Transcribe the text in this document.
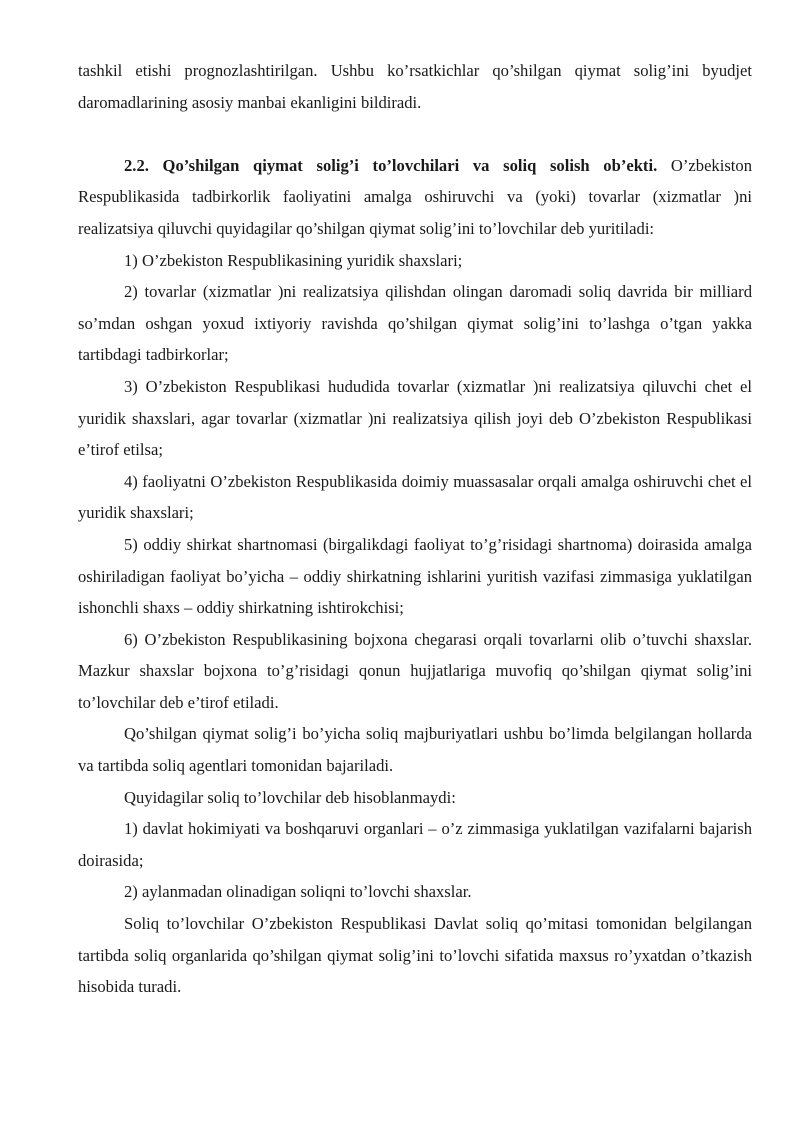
tashkil etishi prognozlashtirilgan. Ushbu ko’rsatkichlar qo’shilgan qiymat solig’ini byudjet daromadlarining asosiy manbai ekanligini bildiradi.

2.2. Qo’shilgan qiymat solig’i to’lovchilari va soliq solish ob’ekti. O’zbekiston Respublikasida tadbirkorlik faoliyatini amalga oshiruvchi va (yoki) tovarlar (xizmatlar )ni realizatsiya qiluvchi quyidagilar qo’shilgan qiymat solig’ini to’lovchilar deb yuritiladi:

1) O’zbekiston Respublikasining yuridik shaxslari;

2) tovarlar (xizmatlar )ni realizatsiya qilishdan olingan daromadi soliq davrida bir milliard so’mdan oshgan yoxud ixtiyoriy ravishda qo’shilgan qiymat solig’ini to’lashga o’tgan yakka tartibdagi tadbirkorlar;

3) O’zbekiston Respublikasi hududida tovarlar (xizmatlar )ni realizatsiya qiluvchi chet el yuridik shaxslari, agar tovarlar (xizmatlar )ni realizatsiya qilish joyi deb O’zbekiston Respublikasi e’tirof etilsa;

4) faoliyatni O’zbekiston Respublikasida doimiy muassasalar orqali amalga oshiruvchi chet el yuridik shaxslari;

5) oddiy shirkat shartnomasi (birgalikdagi faoliyat to’g’risidagi shartnoma) doirasida amalga oshiriladigan faoliyat bo’yicha – oddiy shirkatning ishlarini yuritish vazifasi zimmasiga yuklatilgan ishonchli shaxs – oddiy shirkatning ishtirokchisi;

6) O’zbekiston Respublikasining bojxona chegarasi orqali tovarlarni olib o’tuvchi shaxslar. Mazkur shaxslar bojxona to’g’risidagi qonun hujjatlariga muvofiq qo’shilgan qiymat solig’ini to’lovchilar deb e’tirof etiladi.

Qo’shilgan qiymat solig’i bo’yicha soliq majburiyatlari ushbu bo’limda belgilangan hollarda va tartibda soliq agentlari tomonidan bajariladi.

Quyidagilar soliq to’lovchilar deb hisoblanmaydi:

1) davlat hokimiyati va boshqaruvi organlari – o’z zimmasiga yuklatilgan vazifalarni bajarish doirasida;

2) aylanmadan olinadigan soliqni to’lovchi shaxslar.

Soliq to’lovchilar O’zbekiston Respublikasi Davlat soliq qo’mitasi tomonidan belgilangan tartibda soliq organlarida qo’shilgan qiymat solig’ini to’lovchi sifatida maxsus ro’yxatdan o’tkazish hisobida turadi.
